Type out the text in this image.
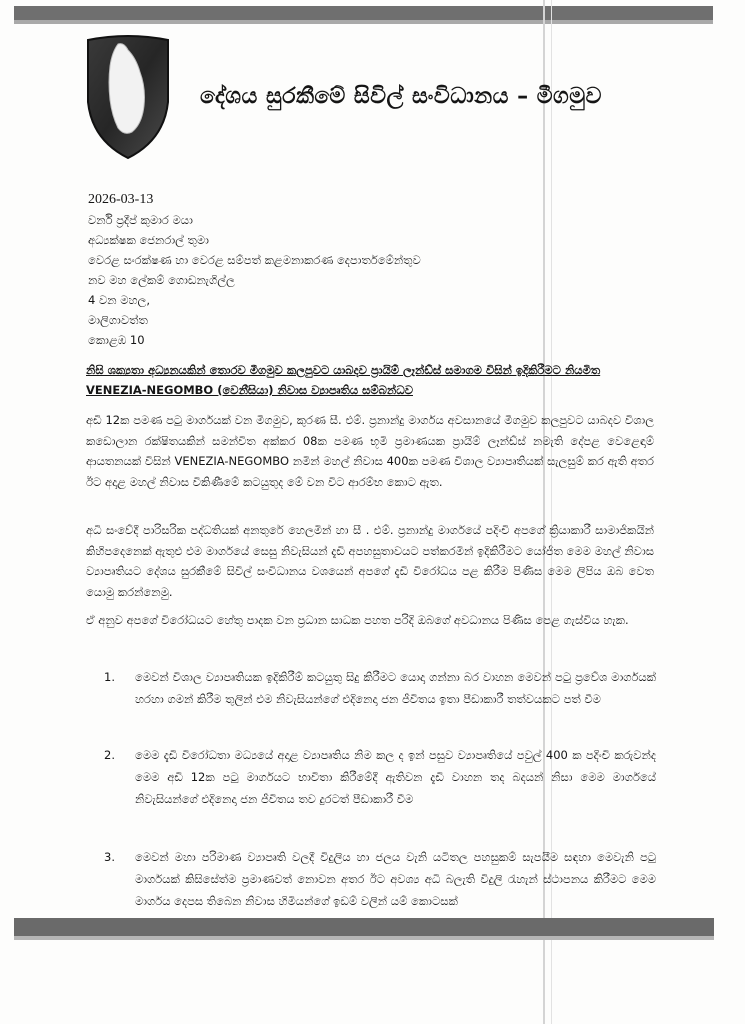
දේශය සුරකීමේ සිවිල් සංවිධානය – මීගමුව
2026-03-13
වර්නි ප්‍රදීප් කුමාර මයා
අධ්‍යක්ෂක ජෙනරාල් තුමා
වෙරළ සංරක්ෂණ හා වෙරළ සම්පත් කළමනාකරණ දෙපාර්තමේන්තුව
නව මහ ලේකම් ගොඩනැගිල්ල
4 වන මහල,
මාලිගාවත්ත
කොළඹ 10
නිසි ශක්‍යතා අධ්‍යනයකින් තොරව මීගමුව කලපුවට යාබදව ප්‍රායිම් ලෑන්ඩ්ස් සමාගම විසින් ඉදිකිරීමට නියමිත VENEZIA-NEGOMBO (වෙනීසියා) නිවාස ව්‍යාපෘතිය සම්බන්ධව
අඩි 12ක පමණ පටු මාර්ගයක් වන මීගමුව, කුරණ සී. එම්. ප්‍රනාන්දු මාර්ගය අවසානයේ මීගමුව කලපුවට යාබදව විශාල කඩොලාන රක්ෂිතයකින් සමන්විත අක්කර 08ක පමණ භූමි ප්‍රමාණයක ප්‍රායිම් ලෑන්ඩ්ස් නමැති දේපළ වෙළෙඳාම් ආයතනයක් විසින් VENEZIA-NEGOMBO නමින් මහල් නිවාස 400ක පමණ විශාල ව්‍යාපෘතියක් සැලසුම් කර ඇති අතර ඊට අදාළ මහල් නිවාස විකිණීමේ කටයුතුද මේ වන විට ආරම්භ කොට ඇත.
අධි සංවේදී පාරිසරික පද්ධතියක් අනතුරේ හෙලමින් හා සී . එම්. ප්‍රනාන්දු මාර්ගයේ පදිංචි අපගේ ක්‍රියාකාරී සාමාජිකයින් කිහිපදෙනෙක් ඇතුළු එම මාර්ගයේ සෙසු නිවැසියන් දැඩි අපහසුතාවයට පත්කරමින් ඉදිකිරීමට යෝජිත මෙම මහල් නිවාස ව්‍යාපෘතියට දේශය සුරකීමේ සිවිල් සංවිධානය වශයෙන් අපගේ දැඩි විරෝධය පළ කිරීම පිණිස මෙම ලිපිය ඔබ වෙත යොමු කරන්නෙමු.
ඒ අනුව අපගේ විරෝධයට හේතු පාදක වන ප්‍රධාන සාධක පහත පරිදි ඔබගේ අවධානය පිණිස පෙළ ගැස්විය හැක.
1.	මෙවන් විශාල ව්‍යාපෘතියක ඉදිකිරීම් කටයුතු සිදු කිරීමට යොදා ගන්නා බර වාහන මෙවන් පටු ප්‍රවේශ මාර්ගයක් හරහා ගමන් කිරීම තුලින් එම නිවැසියන්ගේ එදිනෙදා ජන ජීවිතය ඉතා පීඩාකාරී තත්වයකට පත් වීම
2.	මෙම දැඩි විරෝධතා මධ්‍යයේ අදාළ ව්‍යාපෘතිය නිම කල ද ඉන් පසුව ව්‍යාපෘතියේ පවුල් 400 ක පදිංචි කරුවන්ද මෙම අඩි 12ක පටු මාර්ගයට භාවිතා කිරීමේදී ඇතිවන දැඩි වාහන තද බදයන් නිසා මෙම මාර්ගයේ නිවැසියන්ගේ එදිනෙදා ජන ජීවිතය තව දුරටත් පීඩාකාරී වීම
3.	මෙවන් මහා පරිමාණ ව්‍යාපෘති වලදී විදුලිය හා ජලය වැනි යටිතල පහසුකම් සැපයීම සඳහා මෙවැනි පටු මාර්ගයක් කිසිසේත්ම ප්‍රමාණවත් නොවන අතර ඊට අවශ්‍ය අධි බලැති විදුලි රැහැන් ස්ථාපනය කිරීමට මෙම මාර්ගය දෙපස තිබෙන නිවාස හිමියන්ගේ ඉඩම් වලින් යම් කොටසක්
